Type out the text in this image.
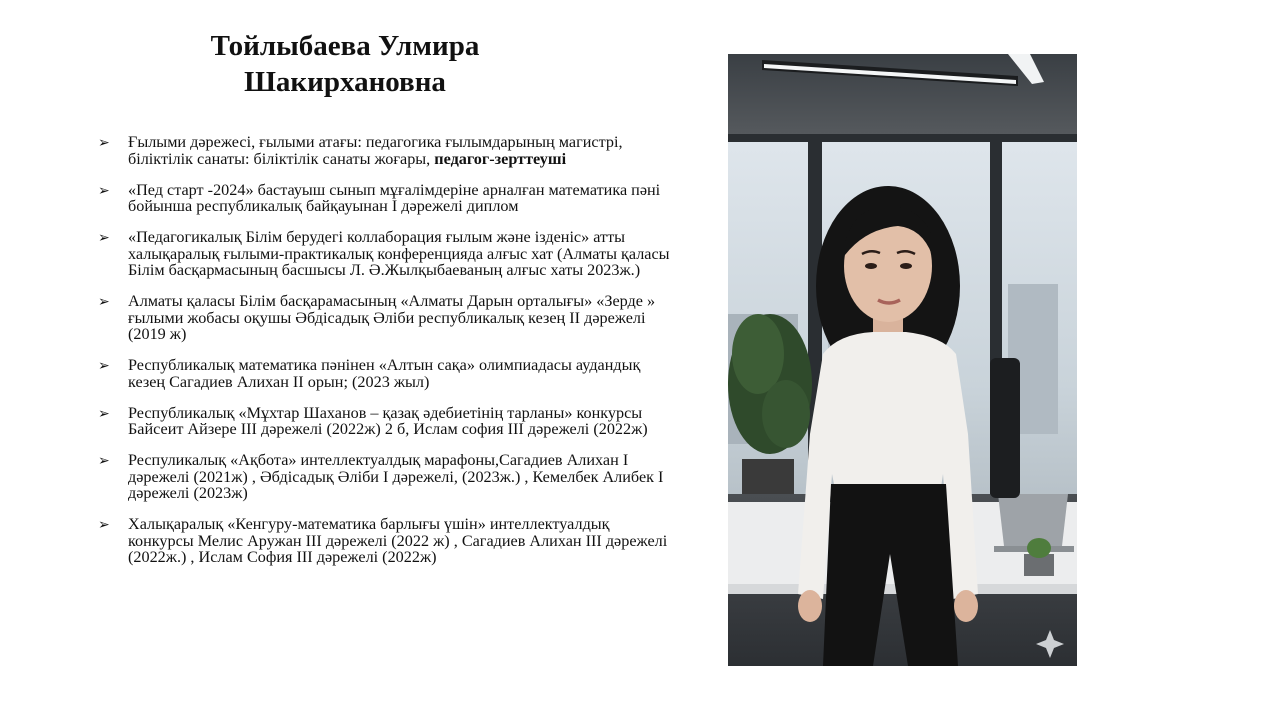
Тойлыбаева Улмира
Шакирхановна
➢ Ғылыми дәрежесі, ғылыми атағы: педагогика ғылымдарының магистрі, біліктілік санаты: біліктілік санаты жоғары, педагог-зерттеуші
➢ «Пед старт -2024» бастауыш сынып мұғалімдеріне арналған математика пәні бойынша республикалық байқауынан I дәрежелі диплом
➢ «Педагогикалық Білім берудегі коллаборация ғылым және ізденіс» атты халықаралық ғылыми-практикалық конференцияда алғыс хат (Алматы қаласы Білім басқармасының басшысы Л. Ә.Жылқыбаеваның алғыс хаты 2023ж.)
➢ Алматы қаласы Білім басқарамасының «Алматы Дарын орталығы» «Зерде » ғылыми жобасы оқушы Әбдісадық Әліби республикалық кезең II дәрежелі (2019 ж)
➢ Республикалық математика пәнінен «Алтын сақа» олимпиадасы аудандық кезең Сагадиев Алихан II орын; (2023 жыл)
➢ Республикалық «Мұхтар Шаханов – қазақ әдебиетінің тарланы» конкурсы Байсеит Айзере III дәрежелі (2022ж) 2 б, Ислам софия III дәрежелі (2022ж)
➢ Респуликалық «Ақбота» интеллектуалдық марафоны,Сагадиев Алихан I дәрежелі (2021ж) , Әбдісадық Әліби I дәрежелі, (2023ж.) , Кемелбек Алибек I дәрежелі (2023ж)
➢ Халықаралық «Кенгуру-математика барлығы үшін» интеллектуалдық конкурсы Мелис Аружан III дәрежелі (2022 ж) , Сагадиев Алихан III дәрежелі (2022ж.) , Ислам София III дәрежелі (2022ж)
